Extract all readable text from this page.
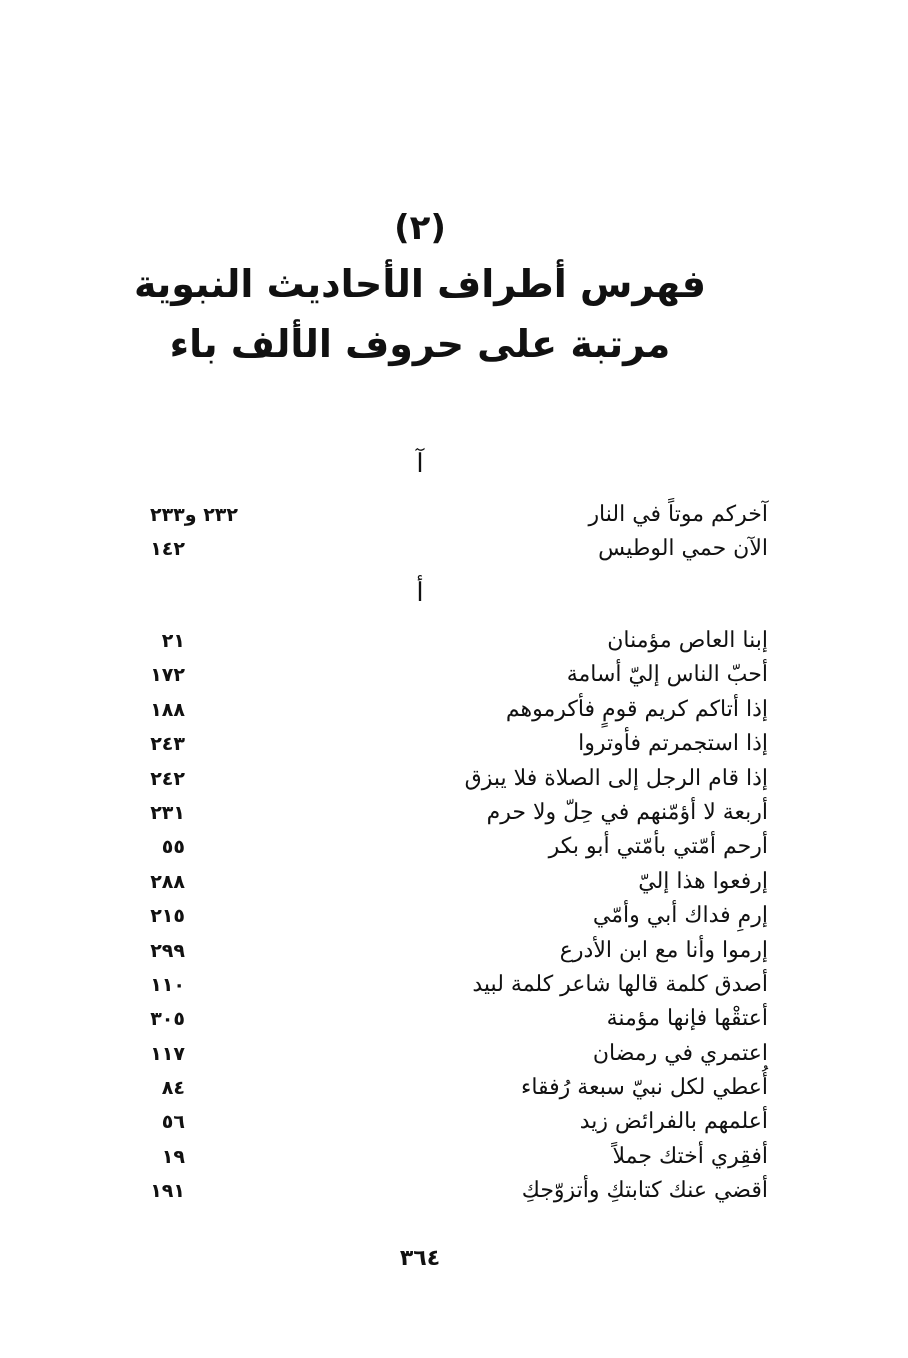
(٢)
فهرس أطراف الأحاديث النبوية
مرتبة على حروف الألف باء
آ
آخركم موتاً في النار
٢٣٢ و٢٣٣
الآن حمي الوطيس
١٤٢
أ
إبنا العاص مؤمنان
٢١
أحبّ الناس إليّ أسامة
١٧٢
إذا أتاكم كريم قومٍ فأكرموهم
١٨٨
إذا استجمرتم فأوتروا
٢٤٣
إذا قام الرجل إلى الصلاة فلا يبزق
٢٤٢
أربعة لا أؤمّنهم في حِلّ ولا حرم
٢٣١
أرحم أمّتي بأمّتي أبو بكر
٥٥
إرفعوا هذا إليّ
٢٨٨
إرمِ فداك أبي وأمّي
٢١٥
إرموا وأنا مع ابن الأدرع
٢٩٩
أصدق كلمة قالها شاعر كلمة لبيد
١١٠
أعتقْها فإنها مؤمنة
٣٠٥
اعتمري في رمضان
١١٧
أُعطي لكل نبيّ سبعة رُفقاء
٨٤
أعلمهم بالفرائض زيد
٥٦
أفقِري أختك جملاً
١٩
أقضي عنك كتابتكِ وأتزوّجكِ
١٩١
٣٦٤
